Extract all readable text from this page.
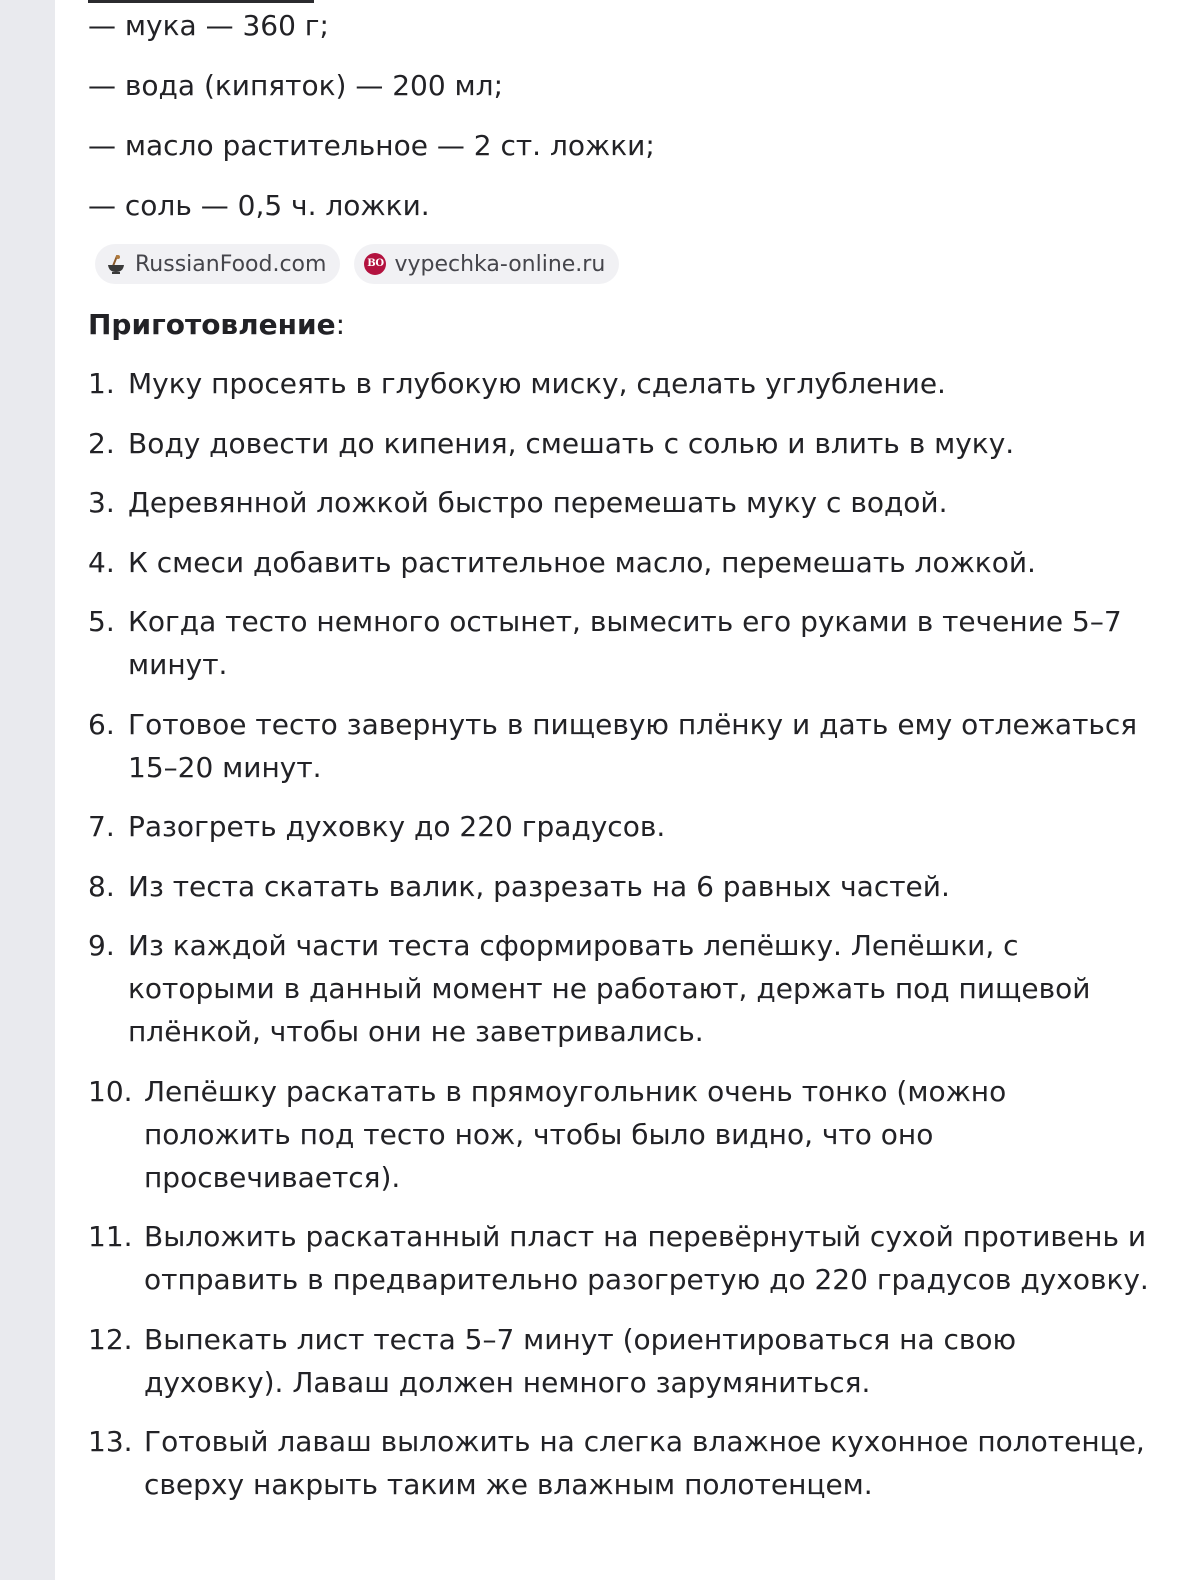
— мука — 360 г;
— вода (кипяток) — 200 мл;
— масло растительное — 2 ст. ложки;
— соль — 0,5 ч. ложки.
RussianFood.com	BO vypechka-online.ru

Приготовление:

1. Муку просеять в глубокую миску, сделать углубление.
2. Воду довести до кипения, смешать с солью и влить в муку.
3. Деревянной ложкой быстро перемешать муку с водой.
4. К смеси добавить растительное масло, перемешать ложкой.
5. Когда тесто немного остынет, вымесить его руками в течение 5–7 минут.
6. Готовое тесто завернуть в пищевую плёнку и дать ему отлежаться 15–20 минут.
7. Разогреть духовку до 220 градусов.
8. Из теста скатать валик, разрезать на 6 равных частей.
9. Из каждой части теста сформировать лепёшку. Лепёшки, с которыми в данный момент не работают, держать под пищевой плёнкой, чтобы они не заветривались.
10. Лепёшку раскатать в прямоугольник очень тонко (можно положить под тесто нож, чтобы было видно, что оно просвечивается).
11. Выложить раскатанный пласт на перевёрнутый сухой противень и отправить в предварительно разогретую до 220 градусов духовку.
12. Выпекать лист теста 5–7 минут (ориентироваться на свою духовку). Лаваш должен немного зарумяниться.
13. Готовый лаваш выложить на слегка влажное кухонное полотенце, сверху накрыть таким же влажным полотенцем.
